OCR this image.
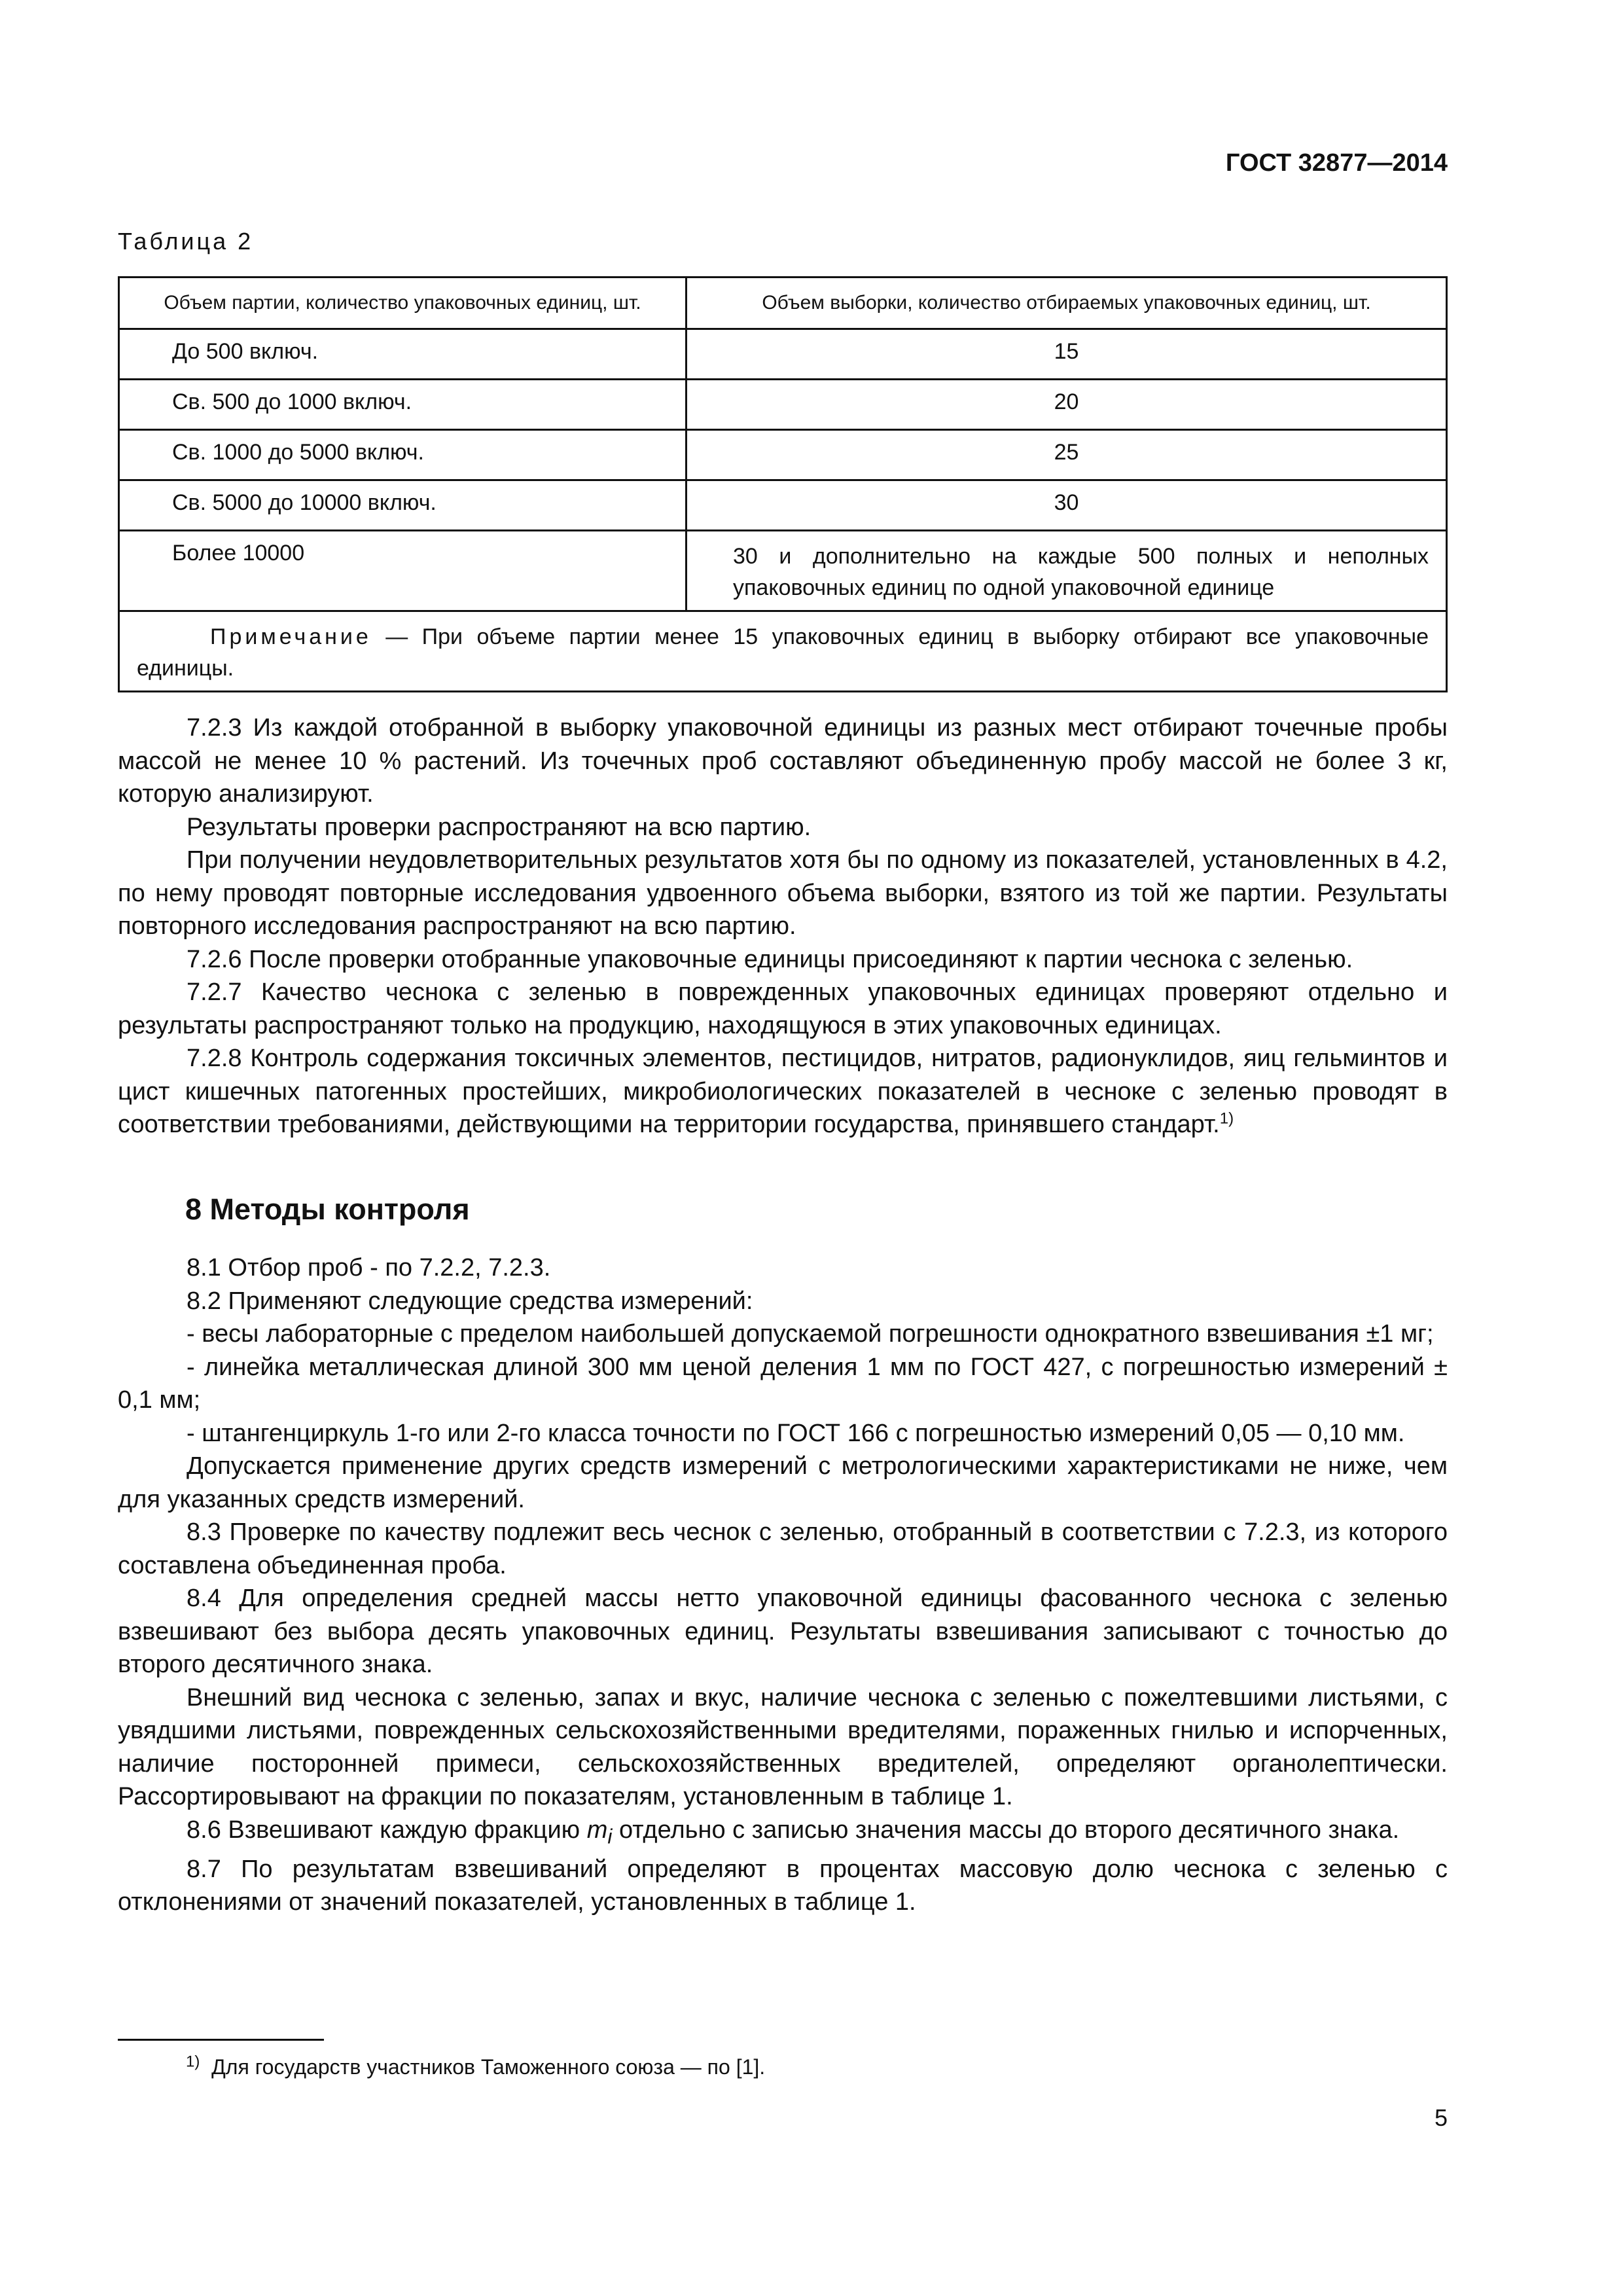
ГОСТ 32877—2014
Таблица 2
Объем партии, количество упаковочных единиц, шт.	Объем выборки, количество отбираемых упаковочных единиц, шт.
До 500 включ.	15
Св. 500 до 1000 включ.	20
Св. 1000 до 5000 включ.	25
Св. 5000 до 10000 включ.	30
Более 10000	30 и дополнительно на каждые 500 полных и неполных упаковочных единиц по одной упаковочной единице
Примечание — При объеме партии менее 15 упаковочных единиц в выборку отбирают все упаковочные единицы.	

7.2.3 Из каждой отобранной в выборку упаковочной единицы из разных мест отбирают точечные пробы массой не менее 10 % растений. Из точечных проб составляют объединенную пробу массой не более 3 кг, которую анализируют.

Результаты проверки распространяют на всю партию.

При получении неудовлетворительных результатов хотя бы по одному из показателей, установленных в 4.2, по нему проводят повторные исследования удвоенного объема выборки, взятого из той же партии. Результаты повторного исследования распространяют на всю партию.

7.2.6 После проверки отобранные упаковочные единицы присоединяют к партии чеснока с зеленью.

7.2.7 Качество чеснока с зеленью в поврежденных упаковочных единицах проверяют отдельно и результаты распространяют только на продукцию, находящуюся в этих упаковочных единицах.

7.2.8 Контроль содержания токсичных элементов, пестицидов, нитратов, радионуклидов, яиц гельминтов и цист кишечных патогенных простейших, микробиологических показателей в чесноке с зеленью проводят в соответствии требованиями, действующими на территории государства, принявшего стандарт.$^{1)}$

8 Методы контроля

8.1 Отбор проб - по 7.2.2, 7.2.3.

8.2 Применяют следующие средства измерений:

- весы лабораторные с пределом наибольшей допускаемой погрешности однократного взвешивания ±1 мг;

- линейка металлическая длиной 300 мм ценой деления 1 мм по ГОСТ 427, с погрешностью измерений ± 0,1 мм;

- штангенциркуль 1-го или 2-го класса точности по ГОСТ 166 с погрешностью измерений 0,05 — 0,10 мм.

Допускается применение других средств измерений с метрологическими характеристиками не ниже, чем для указанных средств измерений.

8.3 Проверке по качеству подлежит весь чеснок с зеленью, отобранный в соответствии с 7.2.3, из которого составлена объединенная проба.

8.4 Для определения средней массы нетто упаковочной единицы фасованного чеснока с зеленью взвешивают без выбора десять упаковочных единиц. Результаты взвешивания записывают с точностью до второго десятичного знака.

Внешний вид чеснока с зеленью, запах и вкус, наличие чеснока с зеленью с пожелтевшими листьями, с увядшими листьями, поврежденных сельскохозяйственными вредителями, пораженных гнилью и испорченных, наличие посторонней примеси, сельскохозяйственных вредителей, определяют органолептически. Рассортировывают на фракции по показателям, установленным в таблице 1.

8.6 Взвешивают каждую фракцию $m_i$ отдельно с записью значения массы до второго десятичного знака.

8.7 По результатам взвешиваний определяют в процентах массовую долю чеснока с зеленью с отклонениями от значений показателей, установленных в таблице 1.

$^{1)}$ Для государств участников Таможенного союза — по [1].
5
